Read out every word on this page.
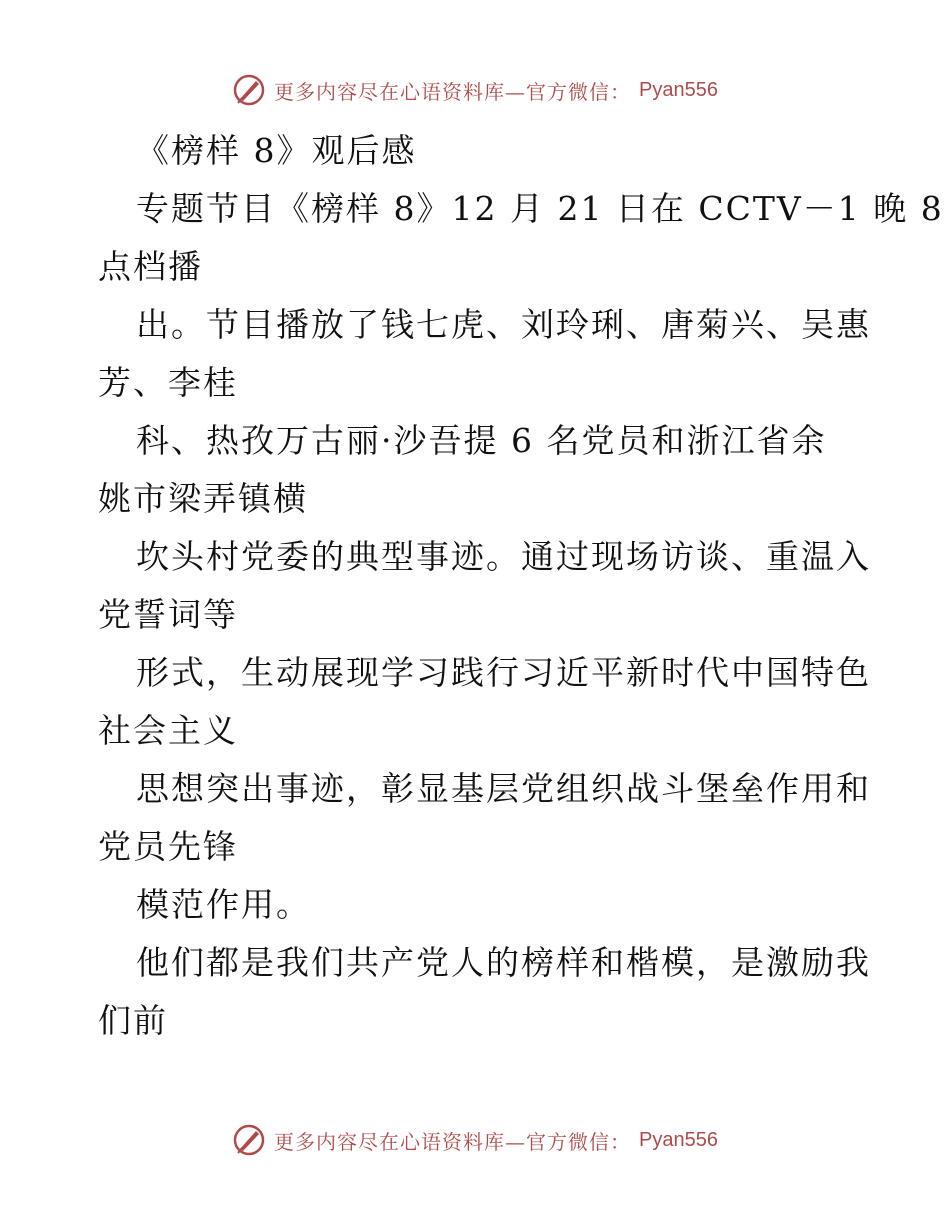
更多内容尽在心语资料库—官方微信： Pyan556
《榜样 8》观后感
专题节目《榜样 8》12 月 21 日在 CCTV－1 晚 8
点档播
出。节目播放了钱七虎、刘玲琍、唐菊兴、吴惠
芳、李桂
科、热孜万古丽·沙吾提 6 名党员和浙江省余
姚市梁弄镇横
坎头村党委的典型事迹。通过现场访谈、重温入
党誓词等
形式，生动展现学习践行习近平新时代中国特色
社会主义
思想突出事迹，彰显基层党组织战斗堡垒作用和
党员先锋
模范作用。
他们都是我们共产党人的榜样和楷模，是激励我
们前
更多内容尽在心语资料库—官方微信： Pyan556
